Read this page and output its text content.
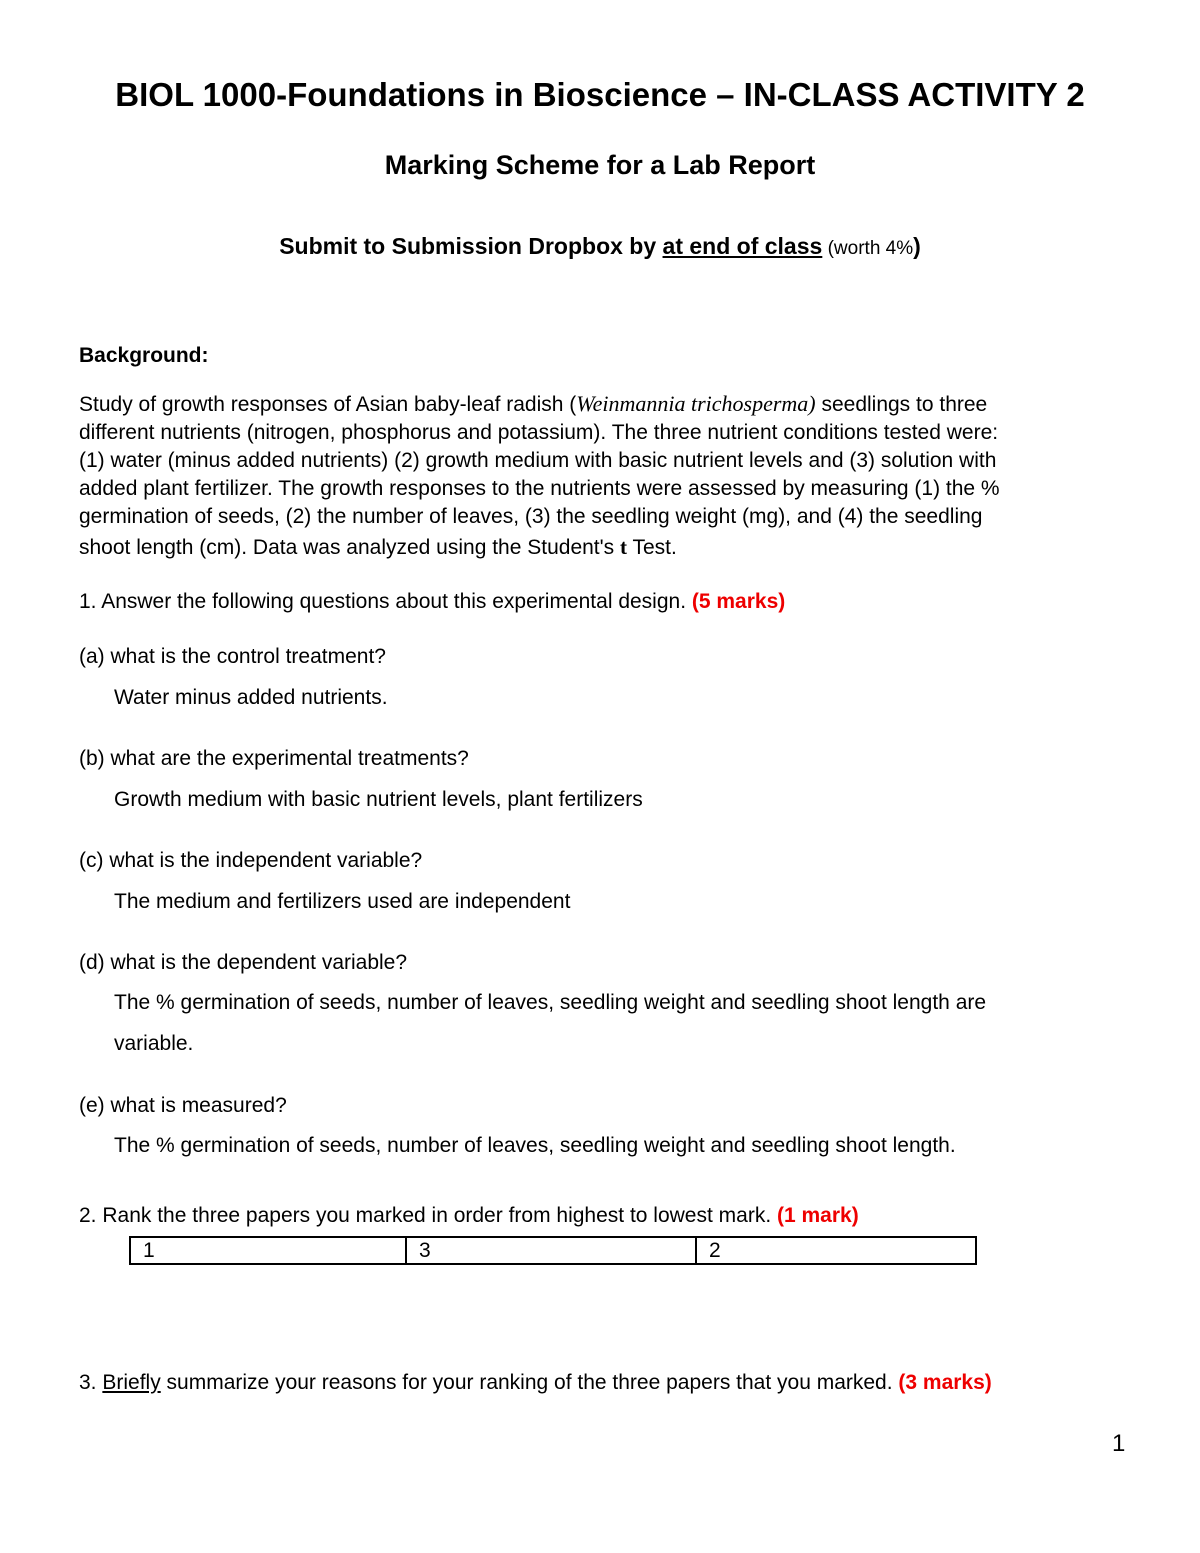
BIOL 1000-Foundations in Bioscience – IN-CLASS ACTIVITY 2
Marking Scheme for a Lab Report
Submit to Submission Dropbox by at end of class (worth 4%)
Background:
Study of growth responses of Asian baby-leaf radish (Weinmannia trichosperma) seedlings to three
different nutrients (nitrogen, phosphorus and potassium). The three nutrient conditions tested were:
(1) water (minus added nutrients) (2) growth medium with basic nutrient levels and (3) solution with
added plant fertilizer. The growth responses to the nutrients were assessed by measuring (1) the %
germination of seeds, (2) the number of leaves, (3) the seedling weight (mg), and (4) the seedling
shoot length (cm). Data was analyzed using the Student's t Test.
1. Answer the following questions about this experimental design. (5 marks)
(a) what is the control treatment?
Water minus added nutrients.
(b) what are the experimental treatments?
Growth medium with basic nutrient levels, plant fertilizers
(c) what is the independent variable?
The medium and fertilizers used are independent
(d) what is the dependent variable?
The % germination of seeds, number of leaves, seedling weight and seedling shoot length are
variable.
(e) what is measured?
The % germination of seeds, number of leaves, seedling weight and seedling shoot length.
2. Rank the three papers you marked in order from highest to lowest mark. (1 mark)
1	3	2
3. Briefly summarize your reasons for your ranking of the three papers that you marked. (3 marks)
1
